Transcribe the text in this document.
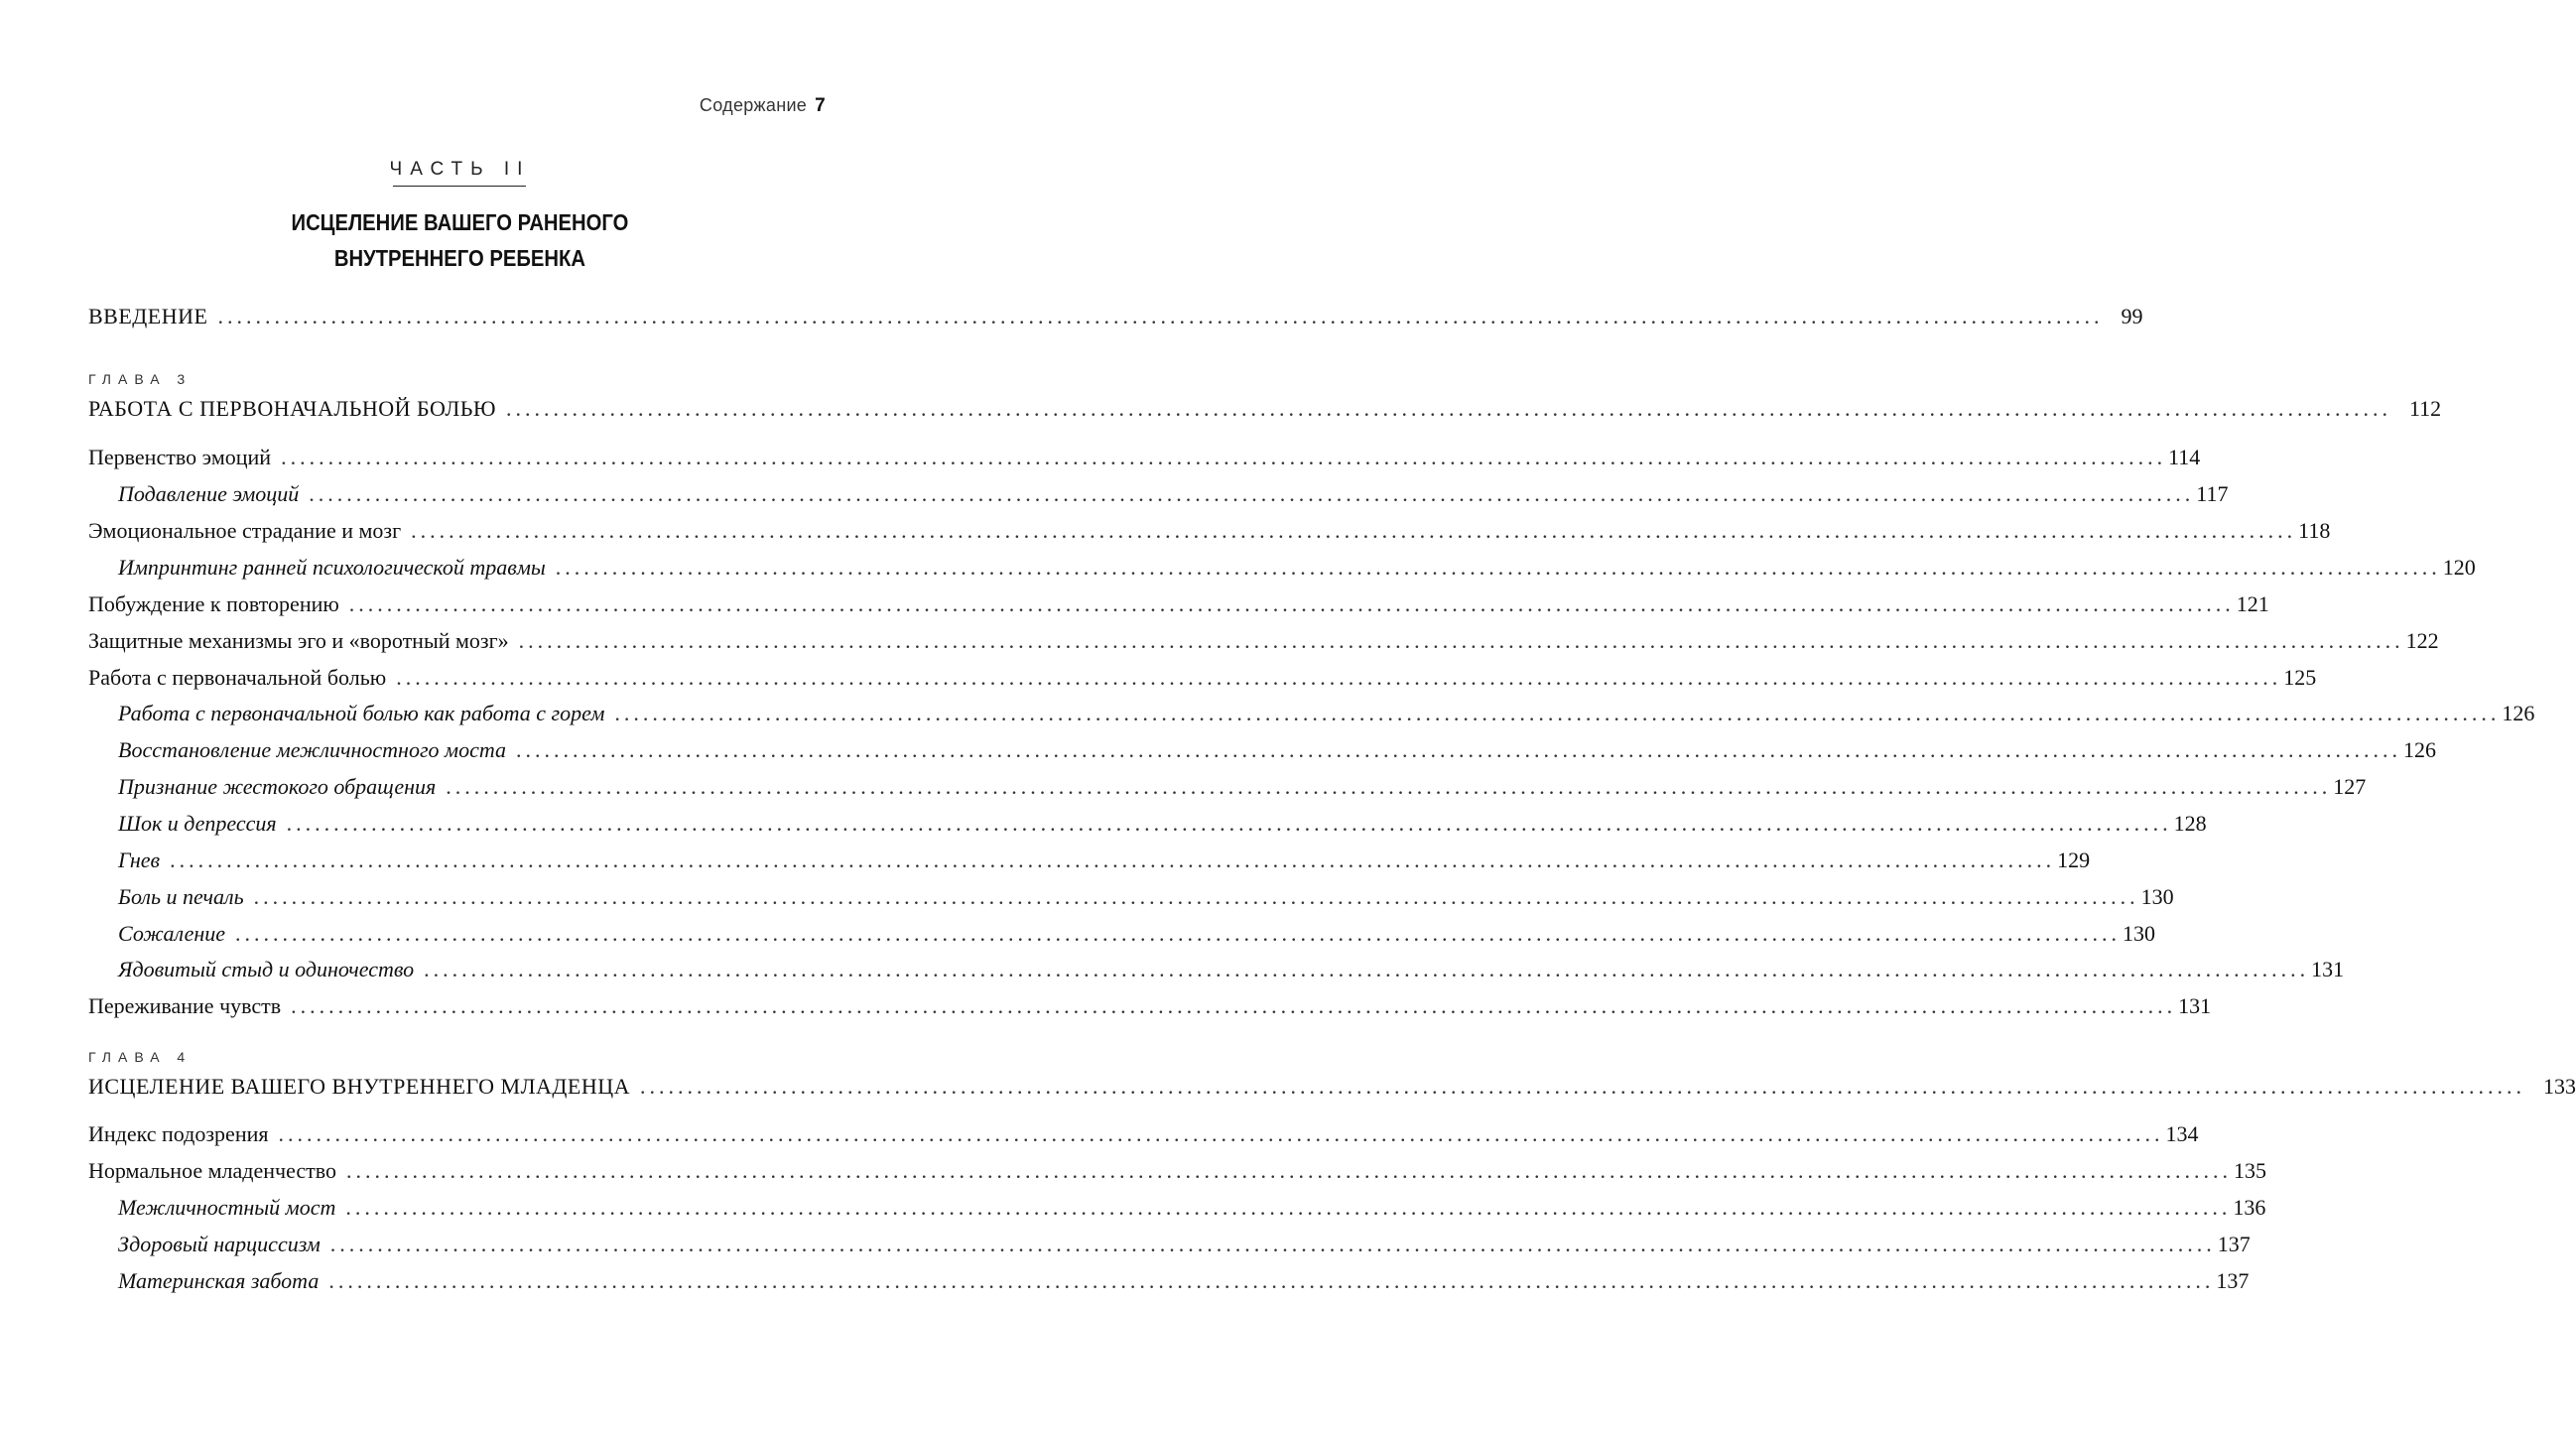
Содержание 7
ЧАСТЬ II
ИСЦЕЛЕНИЕ ВАШЕГО РАНЕНОГО
ВНУТРЕННЕГО РЕБЕНКА
ВВЕДЕНИЕ ........................................................................................................................................................................................................ 99
ГЛАВА 3
РАБОТА С ПЕРВОНАЧАЛЬНОЙ БОЛЬЮ ........................................................................................................................................................................................................ 112
Первенство эмоций ........................................................................................................................................................................................................ 114
Подавление эмоций ........................................................................................................................................................................................................ 117
Эмоциональное страдание и мозг ........................................................................................................................................................................................................ 118
Импринтинг ранней психологической травмы ........................................................................................................................................................................................................ 120
Побуждение к повторению ........................................................................................................................................................................................................ 121
Защитные механизмы эго и «воротный мозг» ........................................................................................................................................................................................................ 122
Работа с первоначальной болью ........................................................................................................................................................................................................ 125
Работа с первоначальной болью как работа с горем ........................................................................................................................................................................................................ 126
Восстановление межличностного моста ........................................................................................................................................................................................................ 126
Признание жестокого обращения ........................................................................................................................................................................................................ 127
Шок и депрессия ........................................................................................................................................................................................................ 128
Гнев ........................................................................................................................................................................................................ 129
Боль и печаль ........................................................................................................................................................................................................ 130
Сожаление ........................................................................................................................................................................................................ 130
Ядовитый стыд и одиночество ........................................................................................................................................................................................................ 131
Переживание чувств ........................................................................................................................................................................................................ 131
ГЛАВА 4
ИСЦЕЛЕНИЕ ВАШЕГО ВНУТРЕННЕГО МЛАДЕНЦА ........................................................................................................................................................................................................ 133
Индекс подозрения ........................................................................................................................................................................................................ 134
Нормальное младенчество ........................................................................................................................................................................................................ 135
Межличностный мост ........................................................................................................................................................................................................ 136
Здоровый нарциссизм ........................................................................................................................................................................................................ 137
Материнская забота ........................................................................................................................................................................................................ 137
